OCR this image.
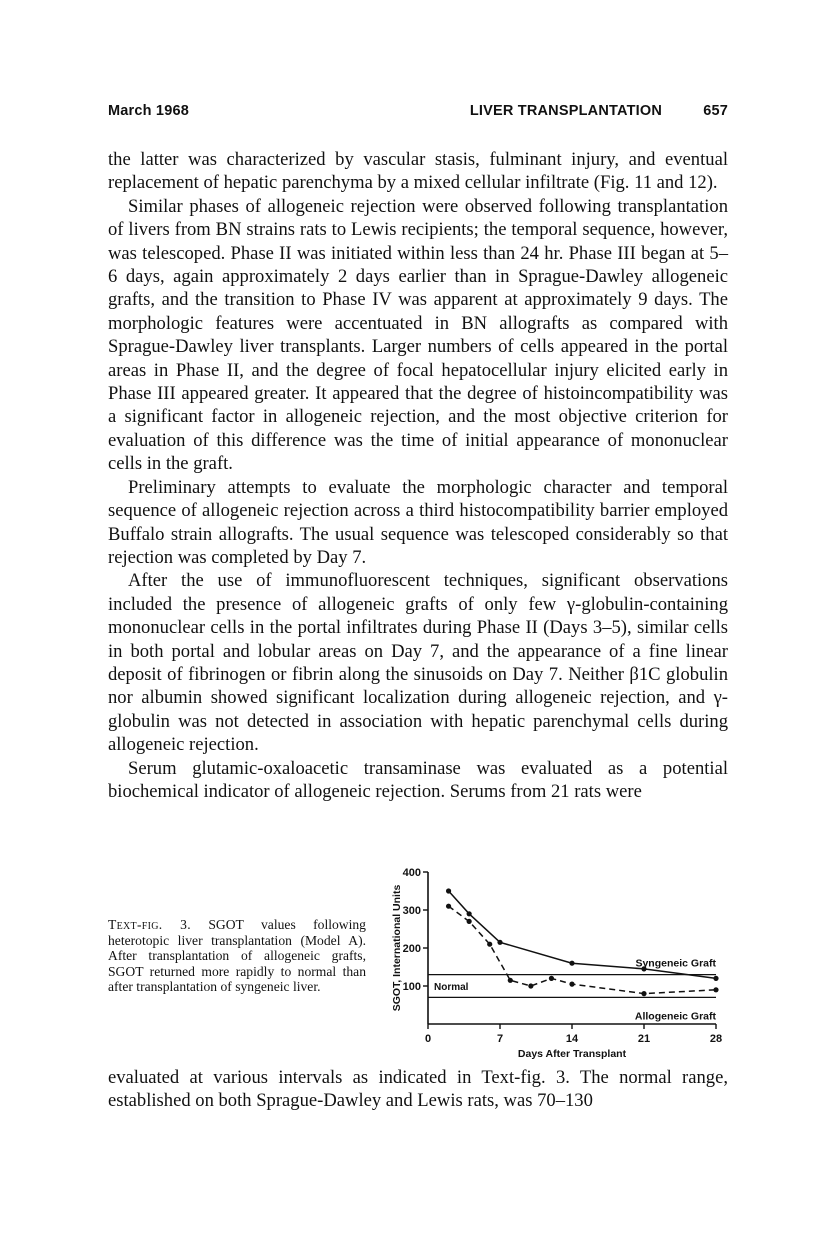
March 1968	LIVER TRANSPLANTATION	657

the latter was characterized by vascular stasis, fulminant injury, and eventual replacement of hepatic parenchyma by a mixed cellular infiltrate (Fig. 11 and 12).

Similar phases of allogeneic rejection were observed following transplantation of livers from BN strains rats to Lewis recipients; the temporal sequence, however, was telescoped. Phase II was initiated within less than 24 hr. Phase III began at 5–6 days, again approximately 2 days earlier than in Sprague-Dawley allogeneic grafts, and the transition to Phase IV was apparent at approximately 9 days. The morphologic features were accentuated in BN allografts as compared with Sprague-Dawley liver transplants. Larger numbers of cells appeared in the portal areas in Phase II, and the degree of focal hepatocellular injury elicited early in Phase III appeared greater. It appeared that the degree of histoincompatibility was a significant factor in allogeneic rejection, and the most objective criterion for evaluation of this difference was the time of initial appearance of mononuclear cells in the graft.

Preliminary attempts to evaluate the morphologic character and temporal sequence of allogeneic rejection across a third histocompatibility barrier employed Buffalo strain allografts. The usual sequence was telescoped considerably so that rejection was completed by Day 7.

After the use of immunofluorescent techniques, significant observations included the presence of allogeneic grafts of only few γ-globulin-containing mononuclear cells in the portal infiltrates during Phase II (Days 3–5), similar cells in both portal and lobular areas on Day 7, and the appearance of a fine linear deposit of fibrinogen or fibrin along the sinusoids on Day 7. Neither β1C globulin nor albumin showed significant localization during allogeneic rejection, and γ-globulin was not detected in association with hepatic parenchymal cells during allogeneic rejection.

Serum glutamic-oxaloacetic transaminase was evaluated as a potential biochemical indicator of allogeneic rejection. Serums from 21 rats were

Text-fig. 3. SGOT values following heterotopic liver transplantation (Model A). After transplantation of allogeneic grafts, SGOT returned more rapidly to normal than after transplantation of syngeneic liver.	100
200
300
400
0	7	14	21	28
Normal
Days After Transplant
SGOT, International Units	Syngeneic Graft
Allogeneic Graft

evaluated at various intervals as indicated in Text-fig. 3. The normal range, established on both Sprague-Dawley and Lewis rats, was 70–130
